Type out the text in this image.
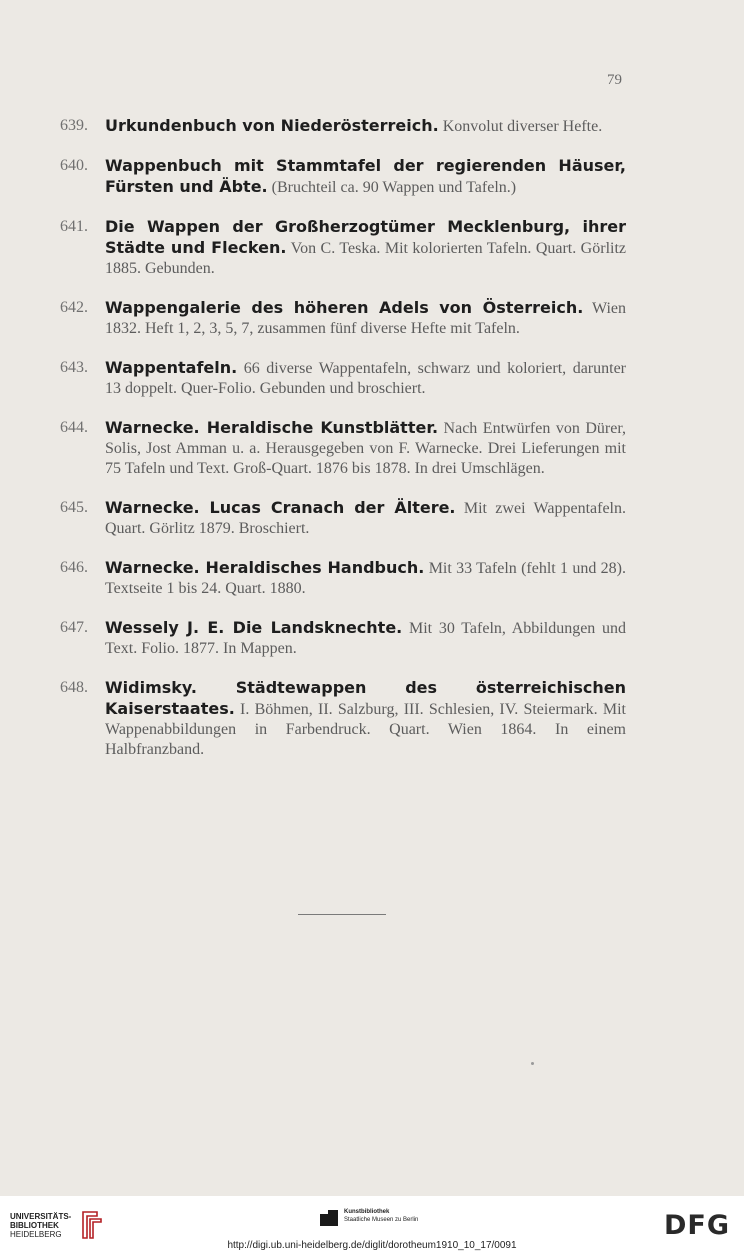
79
639.	Urkundenbuch von Niederösterreich. Konvolut diverser Hefte.
640.	Wappenbuch mit Stammtafel der regierenden Häuser, Fürsten und Äbte. (Bruchteil ca. 90 Wappen und Tafeln.)
641.	Die Wappen der Großherzogtümer Mecklenburg, ihrer Städte und Flecken. Von C. Teska. Mit kolorierten Tafeln. Quart. Görlitz 1885. Gebunden.
642.	Wappengalerie des höheren Adels von Österreich. Wien 1832. Heft 1, 2, 3, 5, 7, zusammen fünf diverse Hefte mit Tafeln.
643.	Wappentafeln. 66 diverse Wappentafeln, schwarz und koloriert, darunter 13 doppelt. Quer-Folio. Gebunden und broschiert.
644.	Warnecke. Heraldische Kunstblätter. Nach Entwürfen von Dürer, Solis, Jost Amman u. a. Herausgegeben von F. Warnecke. Drei Lieferungen mit 75 Tafeln und Text. Groß-Quart. 1876 bis 1878. In drei Umschlägen.
645.	Warnecke. Lucas Cranach der Ältere. Mit zwei Wappentafeln. Quart. Görlitz 1879. Broschiert.
646.	Warnecke. Heraldisches Handbuch. Mit 33 Tafeln (fehlt 1 und 28). Textseite 1 bis 24. Quart. 1880.
647.	Wessely J. E. Die Landsknechte. Mit 30 Tafeln, Abbildungen und Text. Folio. 1877. In Mappen.
648.	Widimsky. Städtewappen des österreichischen Kaiserstaates. I. Böhmen, II. Salzburg, III. Schlesien, IV. Steiermark. Mit Wappenabbildungen in Farbendruck. Quart. Wien 1864. In einem Halbfranzband.
UNIVERSITÄTS-
BIBLIOTHEK
HEIDELBERG
Kunstbibliothek
Staatliche Museen zu Berlin	DFG
http://digi.ub.uni-heidelberg.de/diglit/dorotheum1910_10_17/0091
